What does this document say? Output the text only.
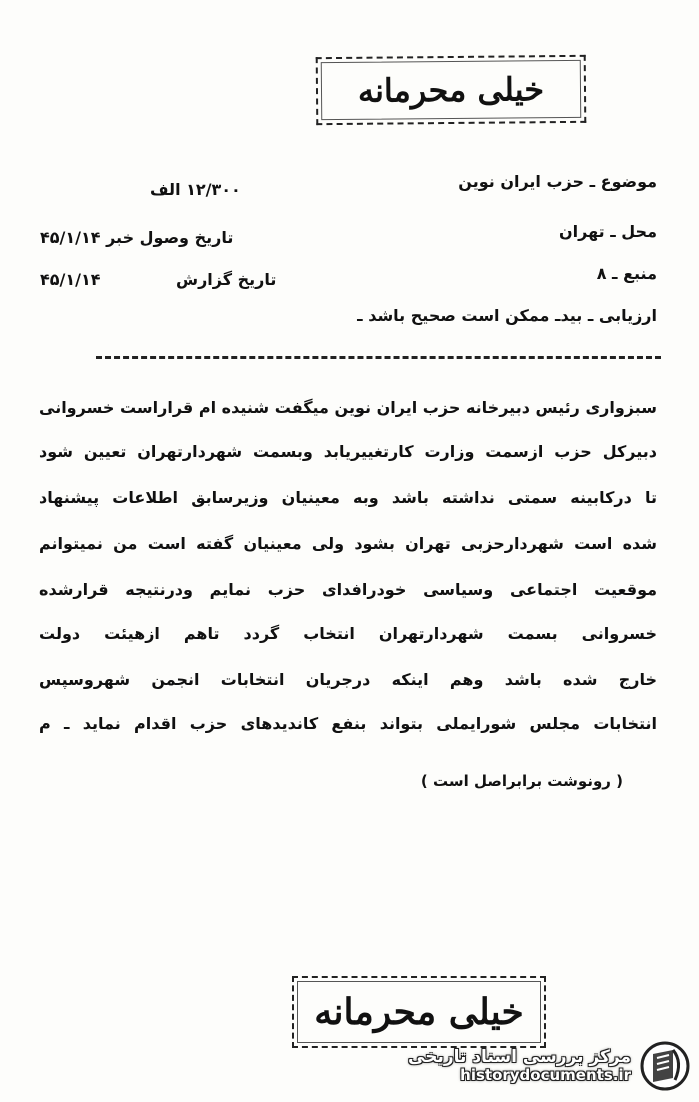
خیلی محرمانه
موضوع ـ حزب ایران نوین
محل ـ تهران
منبع ـ ۸
ارزیابی ـ بیدـ ممکن است صحیح باشد ـ
۱۲/۳۰۰ الف
تاریخ وصول خبر ۴۵/۱/۱۴
تاریخ گزارش
۴۵/۱/۱۴
سبزواری رئیس دبیرخانه حزب ایران نوین میگفت شنیده ام قراراست خسروانی
دبیرکل حزب ازسمت وزارت کارتغییریابد وبسمت شهردارتهران تعیین شود
تا درکابینه سمتی نداشته باشد وبه معینیان وزیرسابق اطلاعات پیشنهاد
شده است شهردارحزبی تهران بشود ولی معینیان گفته است من نمیتوانم
موقعیت اجتماعی وسیاسی خودرافدای حزب نمایم ودرنتیجه قرارشده
خسروانی بسمت شهردارتهران انتخاب گردد تاهم ازهیئت دولت
خارج شده باشد وهم اینکه درجریان انتخابات انجمن شهروسپس
انتخابات مجلس شورایملی بتواند بنفع کاندیدهای حزب اقدام نماید ـ م
( رونوشت برابراصل است )
خیلی محرمانه
مرکز بررسی اسناد تاریخی
historydocuments.ir
